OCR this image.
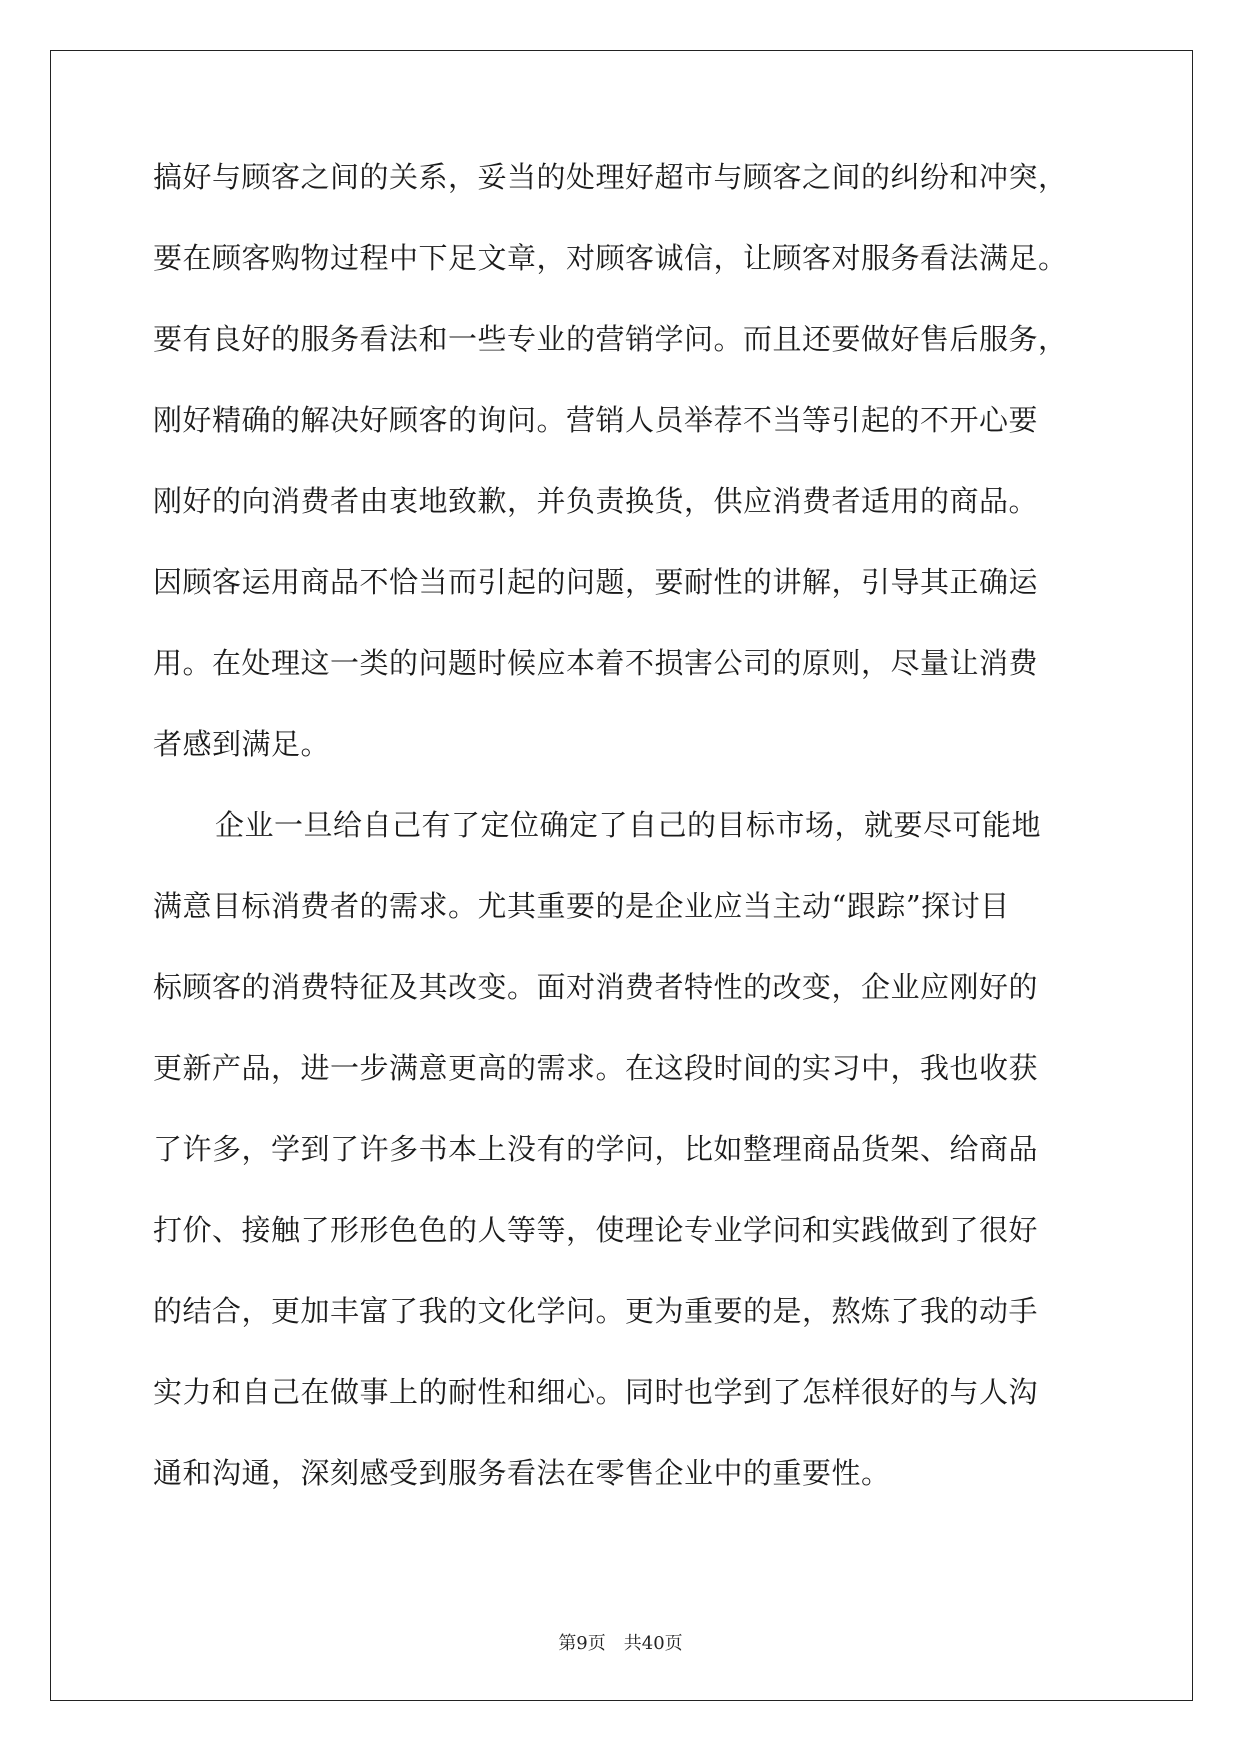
搞好与顾客之间的关系，妥当的处理好超市与顾客之间的纠纷和冲突，
要在顾客购物过程中下足文章，对顾客诚信，让顾客对服务看法满足。
要有良好的服务看法和一些专业的营销学问。而且还要做好售后服务，
刚好精确的解决好顾客的询问。营销人员举荐不当等引起的不开心要
刚好的向消费者由衷地致歉，并负责换货，供应消费者适用的商品。
因顾客运用商品不恰当而引起的问题，要耐性的讲解，引导其正确运
用。在处理这一类的问题时候应本着不损害公司的原则，尽量让消费
者感到满足。
企业一旦给自己有了定位确定了自己的目标市场，就要尽可能地
满意目标消费者的需求。尤其重要的是企业应当主动“跟踪”探讨目
标顾客的消费特征及其改变。面对消费者特性的改变，企业应刚好的
更新产品，进一步满意更高的需求。在这段时间的实习中，我也收获
了许多，学到了许多书本上没有的学问，比如整理商品货架、给商品
打价、接触了形形色色的人等等，使理论专业学问和实践做到了很好
的结合，更加丰富了我的文化学问。更为重要的是，熬炼了我的动手
实力和自己在做事上的耐性和细心。同时也学到了怎样很好的与人沟
通和沟通，深刻感受到服务看法在零售企业中的重要性。
第9页　共40页
